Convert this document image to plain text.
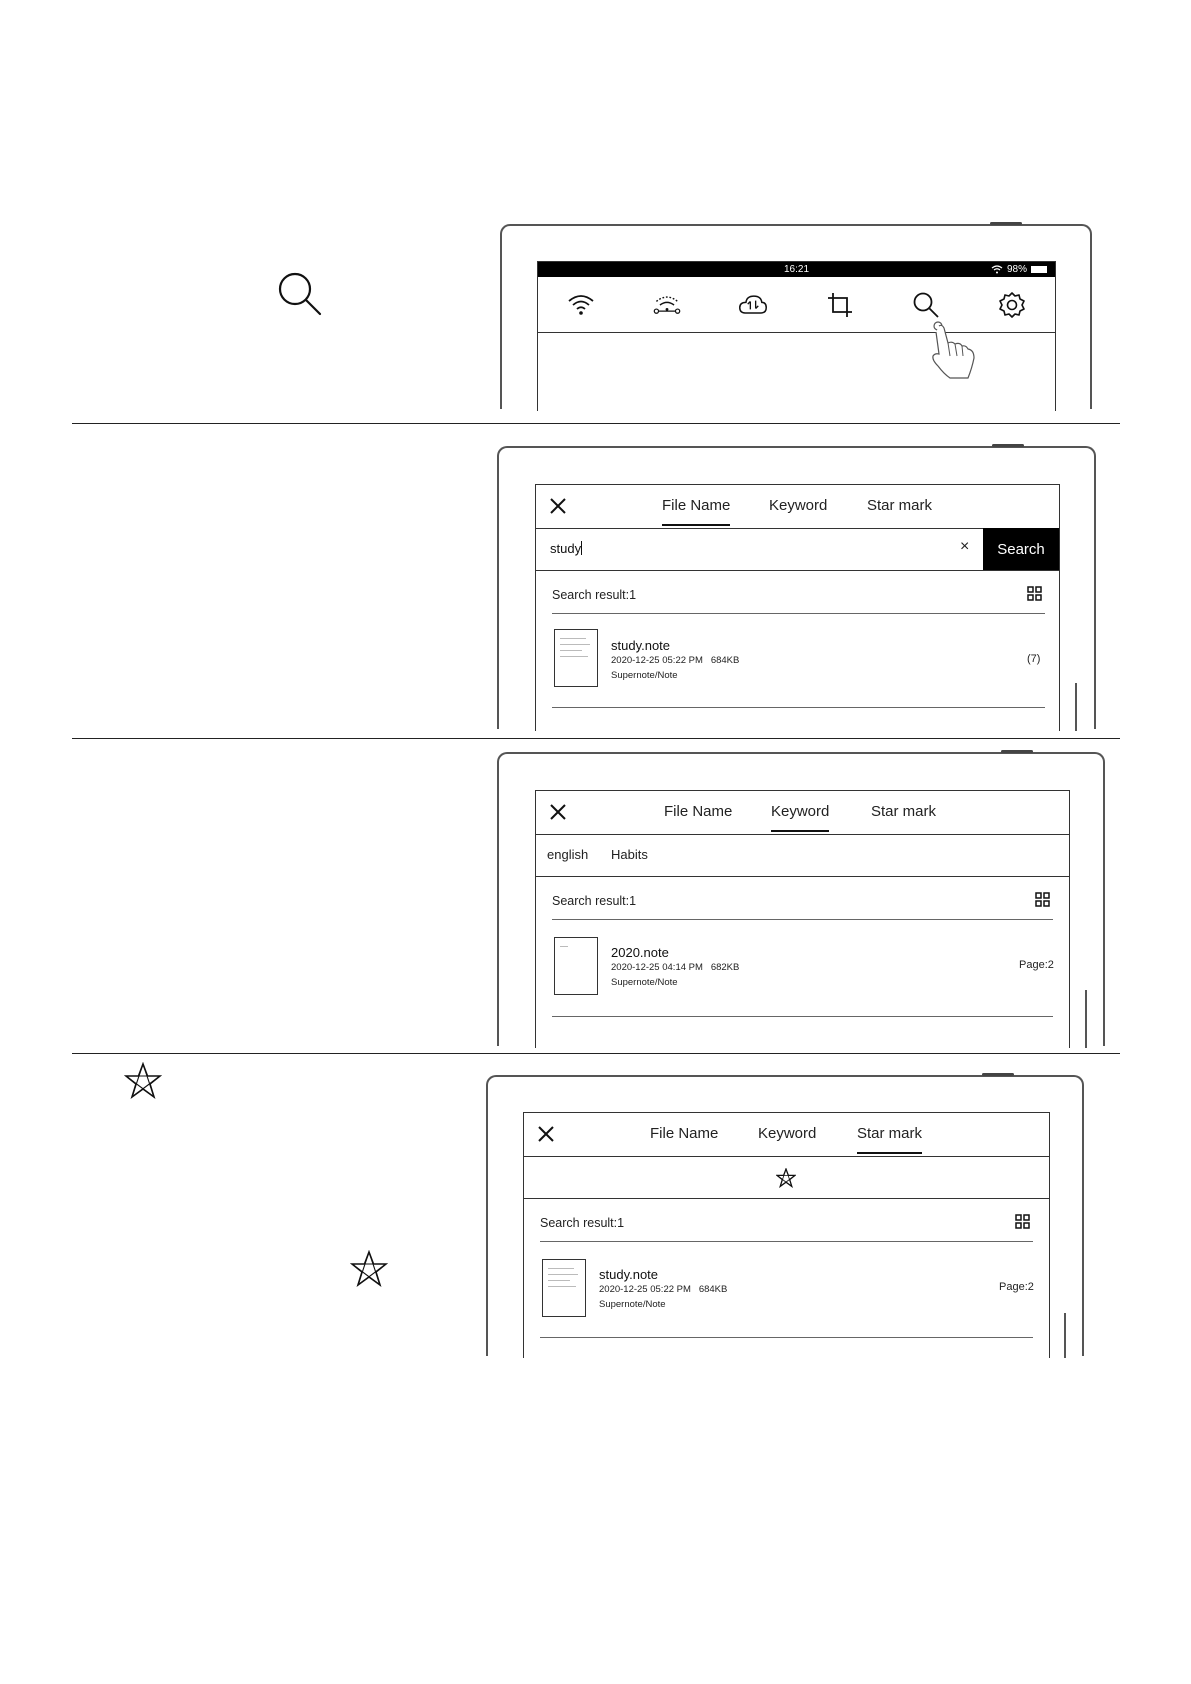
16:21	98%
File Name	Keyword	Star mark
study	×	Search
Search result:1
study.note
2020-12-25 05:22 PM   684KB
Supernote/Note
(7)
File Name	Keyword	Star mark
english Habits
Search result:1
2020.note
2020-12-25 04:14 PM   682KB
Supernote/Note
Page:2
File Name	Keyword	Star mark
Search result:1
study.note
2020-12-25 05:22 PM   684KB
Supernote/Note
Page:2
